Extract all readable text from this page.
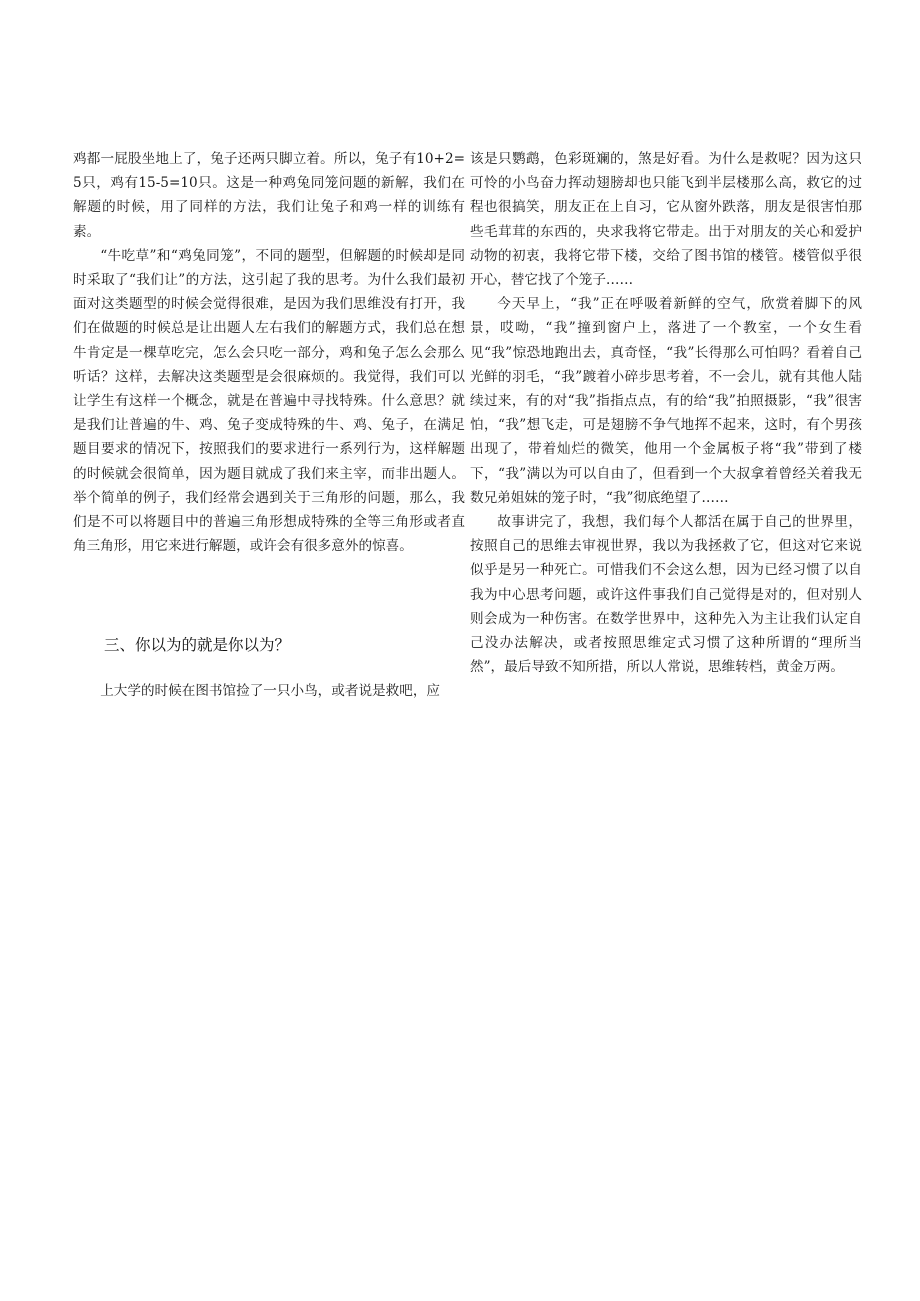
鸡都一屁股坐地上了，兔子还两只脚立着。所以，兔子有10+2=5只，鸡有15-5=10只。这是一种鸡兔同笼问题的新解，我们在解题的时候，用了同样的方法，我们让兔子和鸡一样的训练有素。

“牛吃草”和“鸡兔同笼”，不同的题型，但解题的时候却是同时采取了“我们让”的方法，这引起了我的思考。为什么我们最初面对这类题型的时候会觉得很难，是因为我们思维没有打开，我们在做题的时候总是让出题人左右我们的解题方式，我们总在想牛肯定是一棵草吃完，怎么会只吃一部分，鸡和兔子怎么会那么听话？这样，去解决这类题型是会很麻烦的。我觉得，我们可以让学生有这样一个概念，就是在普遍中寻找特殊。什么意思？就是我们让普遍的牛、鸡、兔子变成特殊的牛、鸡、兔子，在满足题目要求的情况下，按照我们的要求进行一系列行为，这样解题的时候就会很简单，因为题目就成了我们来主宰，而非出题人。举个简单的例子，我们经常会遇到关于三角形的问题，那么，我们是不可以将题目中的普遍三角形想成特殊的全等三角形或者直角三角形，用它来进行解题，或许会有很多意外的惊喜。

三、你以为的就是你以为？

上大学的时候在图书馆捡了一只小鸟，或者说是救吧，应

该是只鹦鹉，色彩斑斓的，煞是好看。为什么是救呢？因为这只可怜的小鸟奋力挥动翅膀却也只能飞到半层楼那么高，救它的过程也很搞笑，朋友正在上自习，它从窗外跌落，朋友是很害怕那些毛茸茸的东西的，央求我将它带走。出于对朋友的关心和爱护动物的初衷，我将它带下楼，交给了图书馆的楼管。楼管似乎很开心，替它找了个笼子……

今天早上，“我”正在呼吸着新鲜的空气，欣赏着脚下的风景，哎呦，“我”撞到窗户上，落进了一个教室，一个女生看见“我”惊恐地跑出去，真奇怪，“我”长得那么可怕吗？看着自己光鲜的羽毛，“我”踱着小碎步思考着，不一会儿，就有其他人陆续过来，有的对“我”指指点点，有的给“我”拍照摄影，“我”很害怕，“我”想飞走，可是翅膀不争气地挥不起来，这时，有个男孩出现了，带着灿烂的微笑，他用一个金属板子将“我”带到了楼下，“我”满以为可以自由了，但看到一个大叔拿着曾经关着我无数兄弟姐妹的笼子时，“我”彻底绝望了……

故事讲完了，我想，我们每个人都活在属于自己的世界里，按照自己的思维去审视世界，我以为我拯救了它，但这对它来说似乎是另一种死亡。可惜我们不会这么想，因为已经习惯了以自我为中心思考问题，或许这件事我们自己觉得是对的，但对别人则会成为一种伤害。在数学世界中，这种先入为主让我们认定自己没办法解决，或者按照思维定式习惯了这种所谓的“理所当然”，最后导致不知所措，所以人常说，思维转档，黄金万两。
